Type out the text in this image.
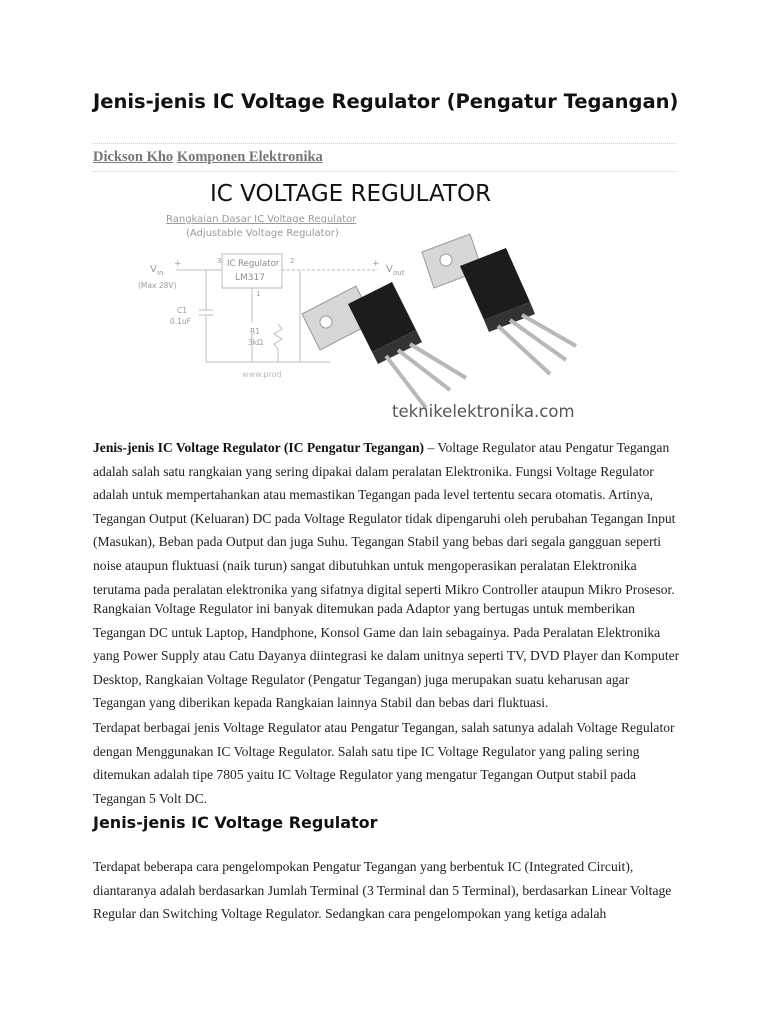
Jenis-jenis IC Voltage Regulator (Pengatur Tegangan)
Dickson Kho Komponen Elektronika
IC VOLTAGE REGULATOR
Rangkaian Dasar IC Voltage Regulator
(Adjustable Voltage Regulator)
V in
+
(Max 28V)
IC Regulator
LM317
3	2
1
+ V out
C1
0.1uF
R1
3kΩ
www.prod
teknikelektronika.com

Jenis-jenis IC Voltage Regulator (IC Pengatur Tegangan) – Voltage Regulator atau Pengatur Tegangan adalah salah satu rangkaian yang sering dipakai dalam peralatan Elektronika. Fungsi Voltage Regulator adalah untuk mempertahankan atau memastikan Tegangan pada level tertentu secara otomatis. Artinya, Tegangan Output (Keluaran) DC pada Voltage Regulator tidak dipengaruhi oleh perubahan Tegangan Input (Masukan), Beban pada Output dan juga Suhu. Tegangan Stabil yang bebas dari segala gangguan seperti noise ataupun fluktuasi (naik turun) sangat dibutuhkan untuk mengoperasikan peralatan Elektronika terutama pada peralatan elektronika yang sifatnya digital seperti Mikro Controller ataupun Mikro Prosesor.

Rangkaian Voltage Regulator ini banyak ditemukan pada Adaptor yang bertugas untuk memberikan Tegangan DC untuk Laptop, Handphone, Konsol Game dan lain sebagainya. Pada Peralatan Elektronika yang Power Supply atau Catu Dayanya diintegrasi ke dalam unitnya seperti TV, DVD Player dan Komputer Desktop, Rangkaian Voltage Regulator (Pengatur Tegangan) juga merupakan suatu keharusan agar Tegangan yang diberikan kepada Rangkaian lainnya Stabil dan bebas dari fluktuasi.

Terdapat berbagai jenis Voltage Regulator atau Pengatur Tegangan, salah satunya adalah Voltage Regulator dengan Menggunakan IC Voltage Regulator. Salah satu tipe IC Voltage Regulator yang paling sering ditemukan adalah tipe 7805 yaitu IC Voltage Regulator yang mengatur Tegangan Output stabil pada Tegangan 5 Volt DC.

Jenis-jenis IC Voltage Regulator

Terdapat beberapa cara pengelompokan Pengatur Tegangan yang berbentuk IC (Integrated Circuit), diantaranya adalah berdasarkan Jumlah Terminal (3 Terminal dan 5 Terminal), berdasarkan Linear Voltage Regular dan Switching Voltage Regulator. Sedangkan cara pengelompokan yang ketiga adalah
